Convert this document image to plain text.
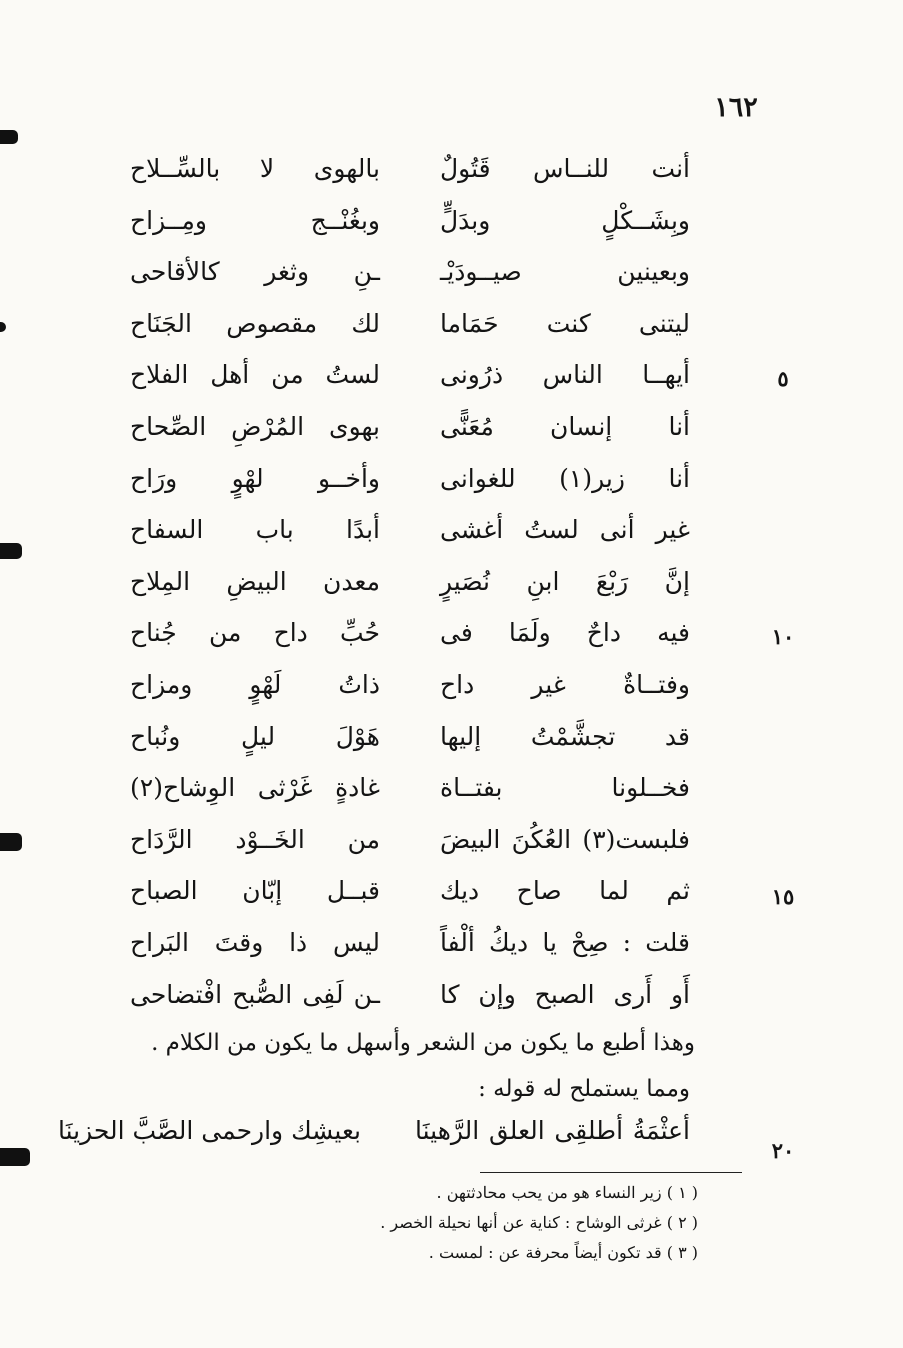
١٦٢
أنت للنــاس قَتُولٌ
بالهوى لا بالسِّــلاح
وبِشَــكْلٍ وبدَلٍّ
وبغُنْــج ومِــزاح
وبعينين صيــودَيْـ
ـنِ وثغر كالأقاحى
ليتنى كنت حَمَاما
لك مقصوص الجَنَاح
أيهــا الناس ذرُونى
لستُ من أهل الفلاح
أنا إنسان مُعَنًّى
بهوى المُرْضِ الصِّحاح
أنا زير(١) للغوانى
وأخــو لهْوٍ ورَاح
غير أنى لستُ أغشى
أبدًا باب السفاح
إنَّ رَبْعَ ابنِ نُصَيرٍ
معدن البيضِ المِلاح
فيه داحٌ ولَمَا فى
حُبِّ داح من جُناح
وفتــاةٌ غير داح
ذاتُ لَهْوٍ ومزاح
قد تجشَّمْتُ إليها
هَوْلَ ليلٍ ونُباح
فخــلونا بفتــاة
غادةٍ غَرْثى الوِشاح(٢)
فلبست(٣) العُكُنَ البيضَ
من الخَــوْد الرَّدَاح
ثم لما صاح ديك
قبــل إبّان الصباح
قلت : صِحْ يا ديكُ ألْفاً
ليس ذا وقتَ البَراح
أَو أَرى الصبح وإن كا
ـن لَفِى الصُّبح افْتضاحى
٥
١٠
١٥
٢٠
وهذا أطبع ما يكون من الشعر وأسهل ما يكون من الكلام .
ومما يستملح له قوله :
أعثْمَةُ أطلقِى العلق الرَّهينَا
بعيشِك وارحمى الصَّبَّ الحزينَا
( ١ ) زير النساء هو من يحب محادثتهن .
( ٢ ) غرثى الوشاح : كناية عن أنها نحيلة الخصر .
( ٣ ) قد تكون أيضاً محرفة عن : لمست .
